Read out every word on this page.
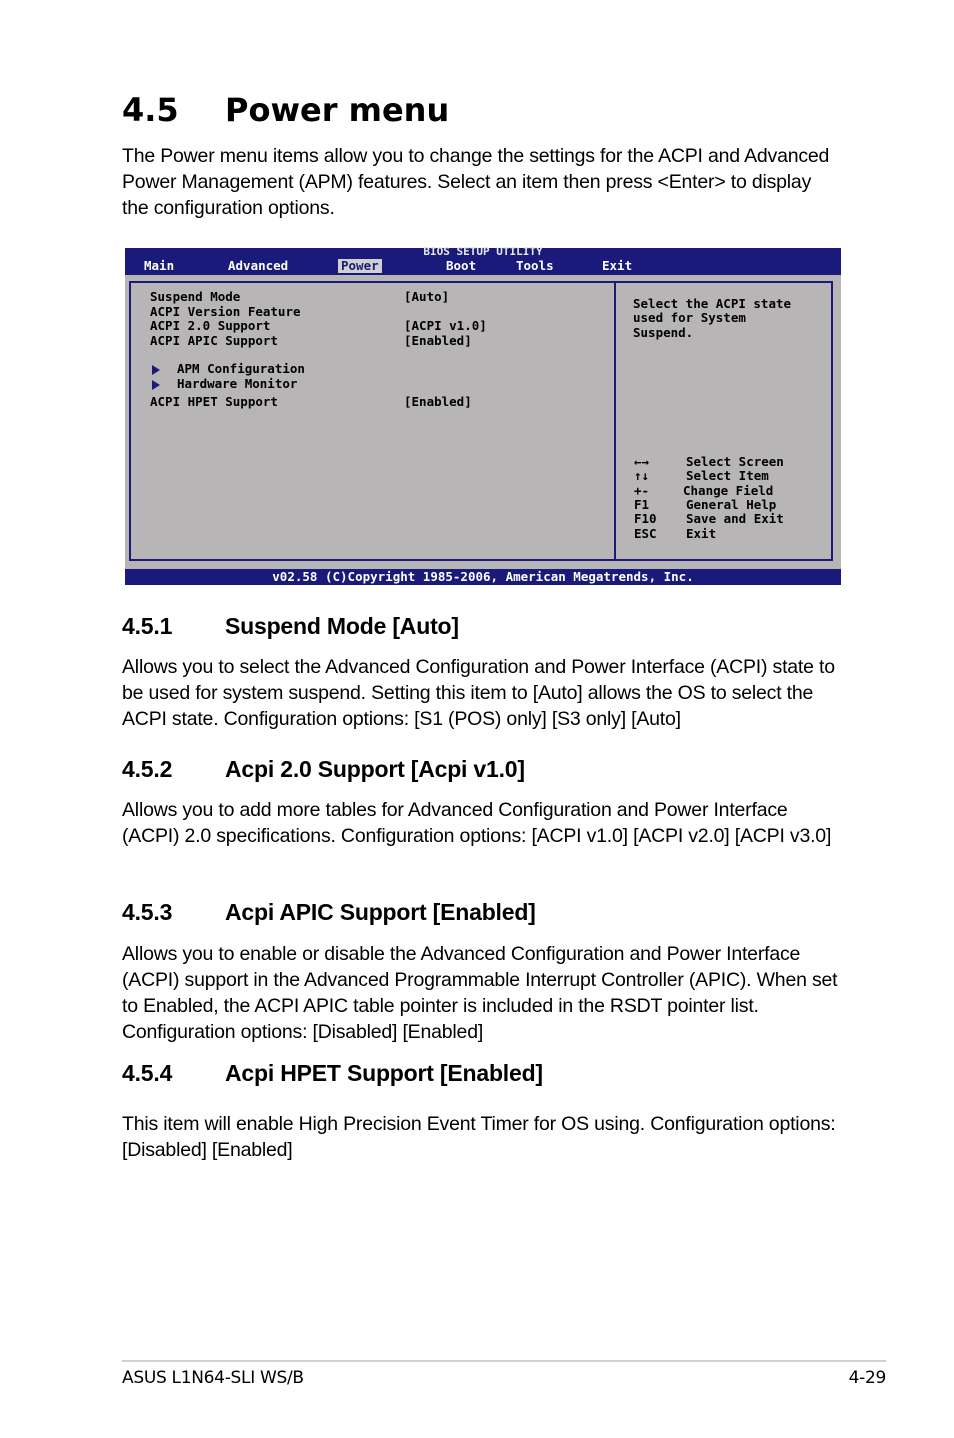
4.5 Power menu

The Power menu items allow you to change the settings for the ACPI and Advanced Power Management (APM) features. Select an item then press <Enter> to display the configuration options.

BIOS SETUP UTILITY
Main	Advanced	Power	Boot	Tools	Exit
Suspend Mode	[Auto]
ACPI Version Feature
ACPI 2.0 Support	[ACPI v1.0]
ACPI APIC Support	[Enabled]
APM Configuration
Hardware Monitor
ACPI HPET Support	[Enabled]
Select the ACPI state
used for System
Suspend.
←→	Select Screen
↑↓	Select Item
+-	Change Field
F1	General Help
F10 Save and Exit
ESC Exit
v02.58 (C)Copyright 1985-2006, American Megatrends, Inc.
4.5.1 Suspend Mode [Auto]

Allows you to select the Advanced Configuration and Power Interface (ACPI) state to be used for system suspend. Setting this item to [Auto] allows the OS to select the ACPI state. Configuration options: [S1 (POS) only] [S3 only] [Auto]

4.5.2 Acpi 2.0 Support [Acpi v1.0]

Allows you to add more tables for Advanced Configuration and Power Interface (ACPI) 2.0 specifications. Configuration options: [ACPI v1.0] [ACPI v2.0] [ACPI v3.0]

4.5.3 Acpi APIC Support [Enabled]

Allows you to enable or disable the Advanced Configuration and Power Interface (ACPI) support in the Advanced Programmable Interrupt Controller (APIC). When set to Enabled, the ACPI APIC table pointer is included in the RSDT pointer list. Configuration options: [Disabled] [Enabled]

4.5.4 Acpi HPET Support [Enabled]

This item will enable High Precision Event Timer for OS using. Configuration options: [Disabled] [Enabled]

ASUS L1N64-SLI WS/B	4-29
